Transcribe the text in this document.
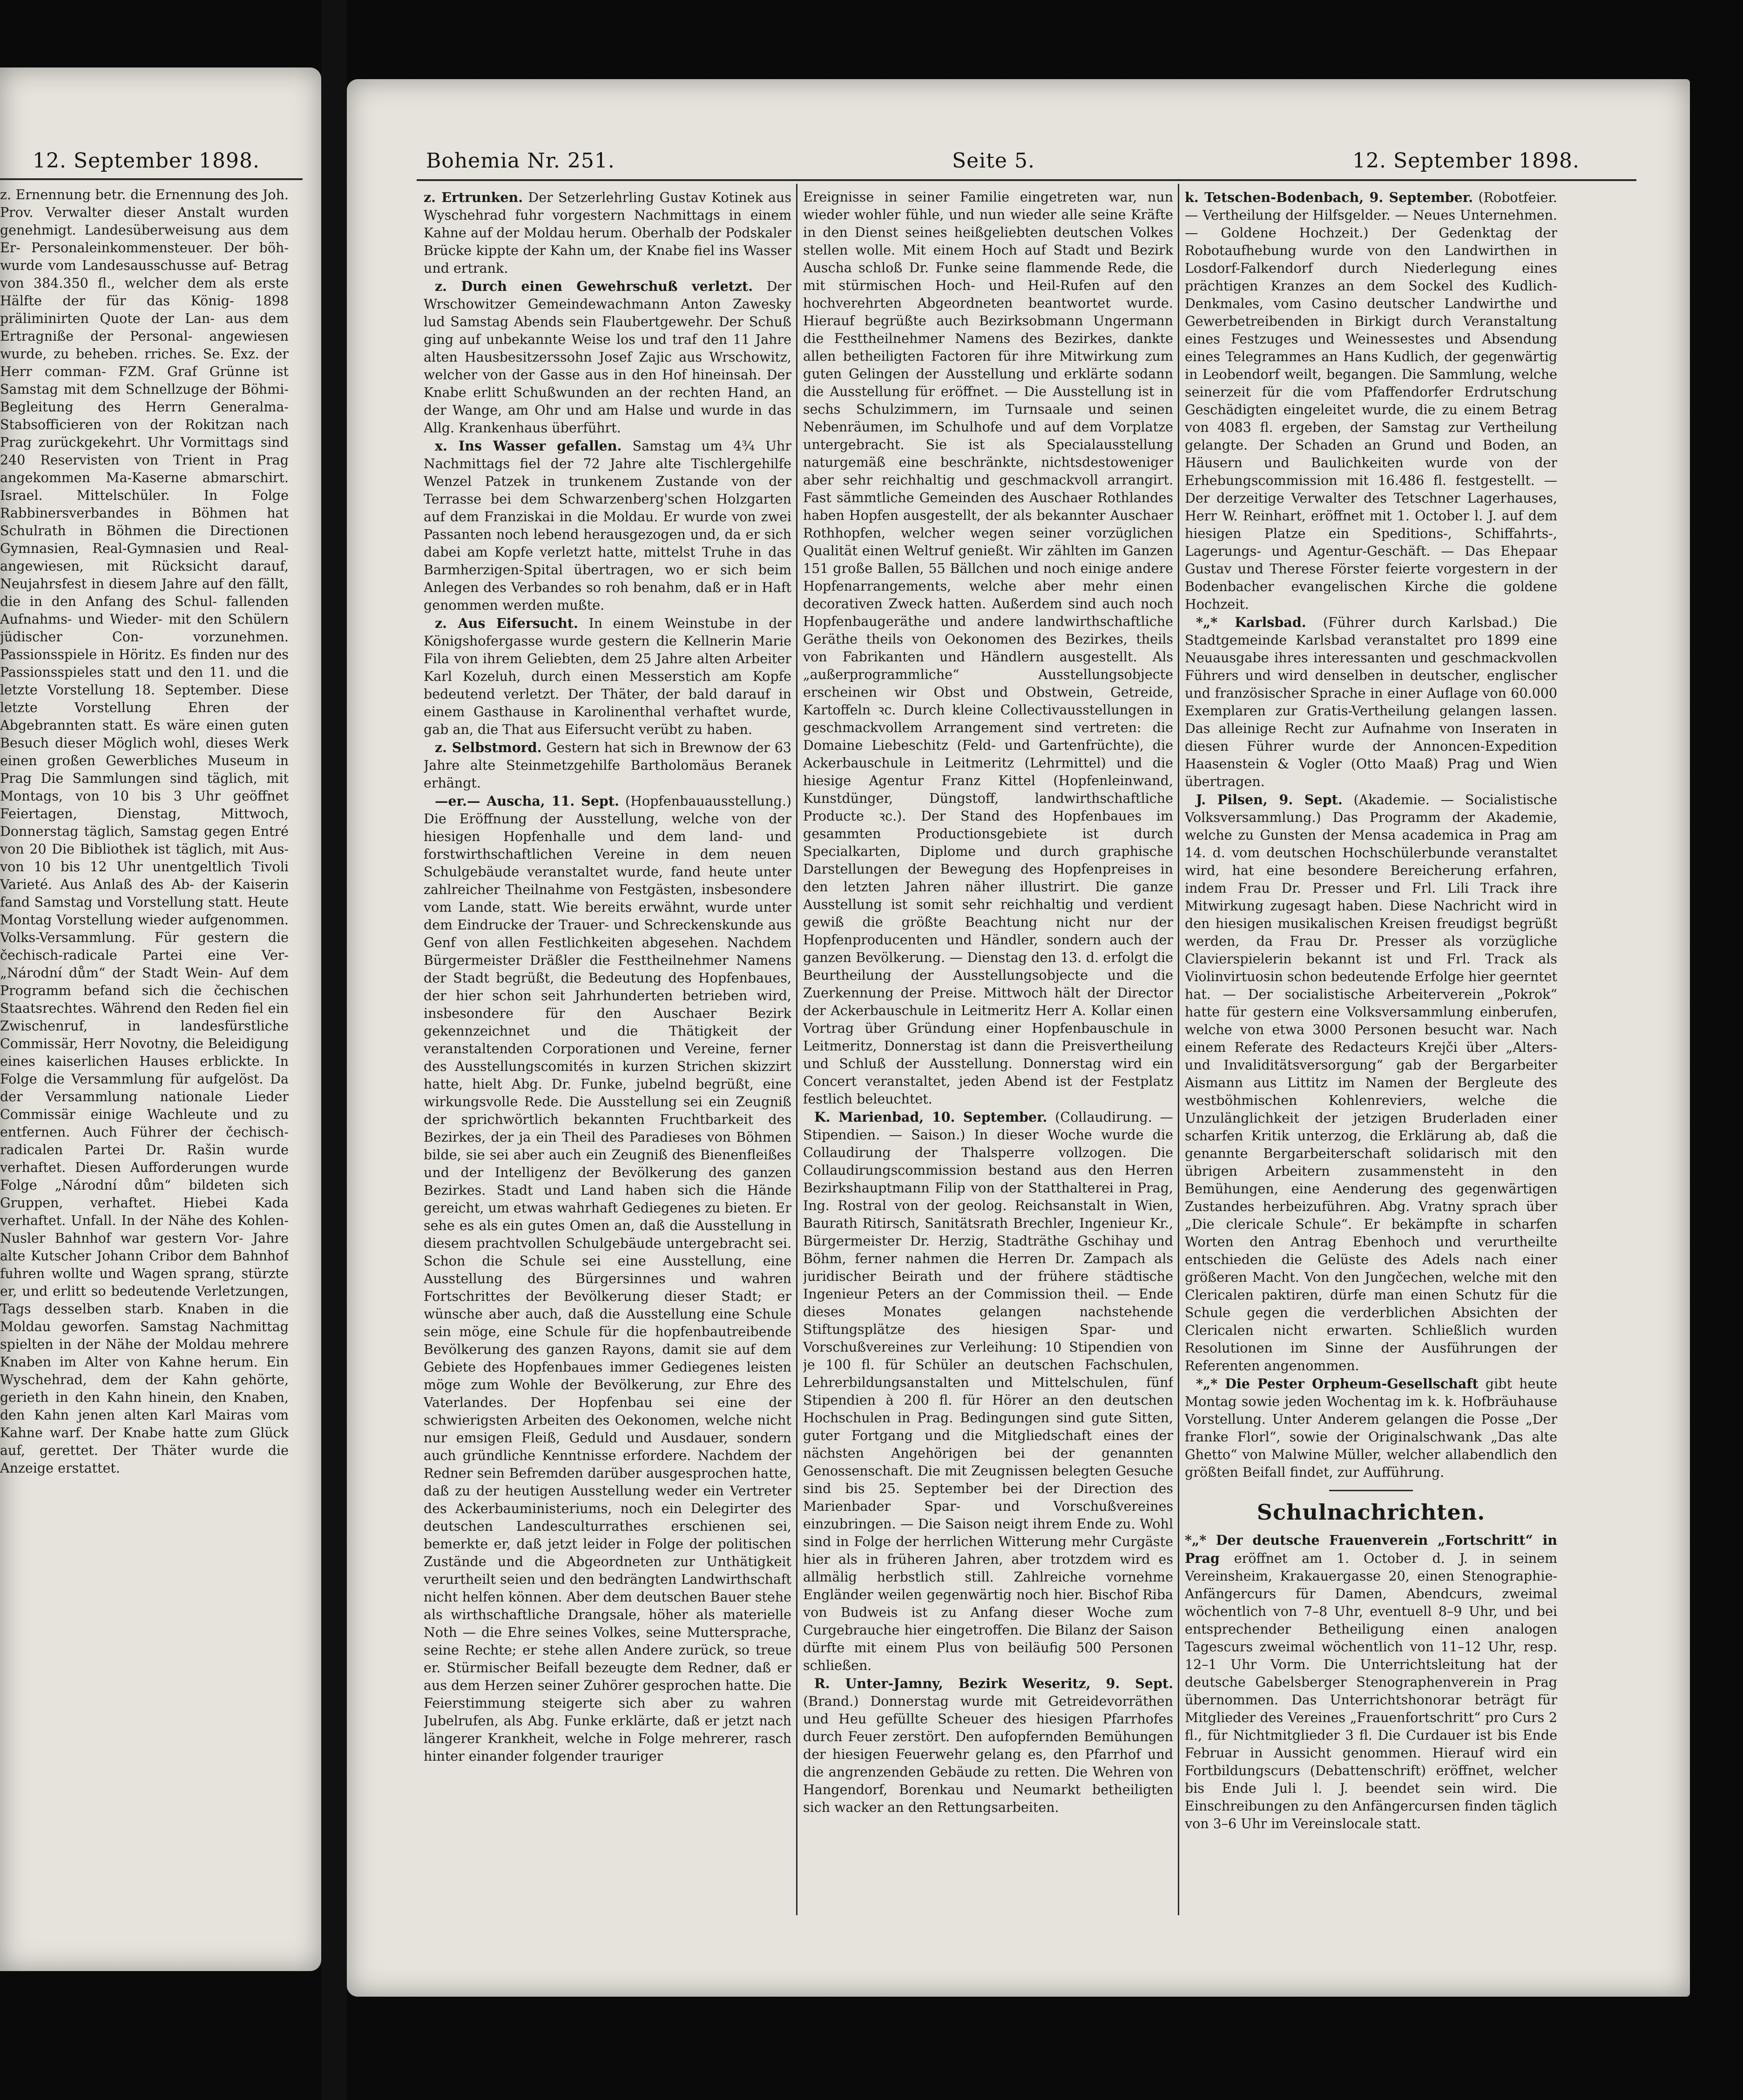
12. September 1898.
z. Ernennung betr. die Ernennung des Joh. Prov. Verwalter dieser Anstalt wurden genehmigt. Landesüberweisung aus dem Er- Personaleinkommensteuer. Der böh- wurde vom Landesausschusse auf- Betrag von 384.350 fl., welcher dem als erste Hälfte der für das König- 1898 präliminirten Quote der Lan- aus dem Ertragniße der Personal- angewiesen wurde, zu beheben. rriches. Se. Exz. der Herr comman- FZM. Graf Grünne ist Samstag mit dem Schnellzuge der Böhmi- Begleitung des Herrn Generalma- Stabsofficieren von der Rokitzan nach Prag zurückgekehrt. Uhr Vormittags sind 240 Reservisten von Trient in Prag angekommen Ma-Kaserne abmarschirt. Israel. Mittelschüler. In Folge Rabbinersverbandes in Böhmen hat Schulrath in Böhmen die Directionen Gymnasien, Real-Gymnasien und Real- angewiesen, mit Rücksicht darauf, Neujahrsfest in diesem Jahre auf den fällt, die in den Anfang des Schul- fallenden Aufnahms- und Wieder- mit den Schülern jüdischer Con- vorzunehmen. Passionsspiele in Höritz. Es finden nur des Passionsspieles statt und den 11. und die letzte Vorstellung 18. September. Diese letzte Vorstellung Ehren der Abgebrannten statt. Es wäre einen guten Besuch dieser Möglich wohl, dieses Werk einen großen Gewerbliches Museum in Prag Die Sammlungen sind täglich, mit Montags, von 10 bis 3 Uhr geöffnet Feiertagen, Dienstag, Mittwoch, Donnerstag täglich, Samstag gegen Entré von 20 Die Bibliothek ist täglich, mit Aus- von 10 bis 12 Uhr unentgeltlich Tivoli Varieté. Aus Anlaß des Ab- der Kaiserin fand Samstag und Vorstellung statt. Heute Montag Vorstellung wieder aufgenommen. Volks-Versammlung. Für gestern die čechisch-radicale Partei eine Ver- „Národní dům“ der Stadt Wein- Auf dem Programm befand sich die čechischen Staatsrechtes. Während den Reden fiel ein Zwischenruf, in landesfürstliche Commissär, Herr Novotny, die Beleidigung eines kaiserlichen Hauses erblickte. In Folge die Versammlung für aufgelöst. Da der Versammlung nationale Lieder Commissär einige Wachleute und zu entfernen. Auch Führer der čechisch-radicalen Partei Dr. Rašin wurde verhaftet. Diesen Aufforderungen wurde Folge „Národní dům“ bildeten sich Gruppen, verhaftet. Hiebei Kada verhaftet. Unfall. In der Nähe des Kohlen- Nusler Bahnhof war gestern Vor- Jahre alte Kutscher Johann Cribor dem Bahnhof fuhren wollte und Wagen sprang, stürzte er, und erlitt so bedeutende Verletzungen, Tags desselben starb. Knaben in die Moldau geworfen. Samstag Nachmittag spielten in der Nähe der Moldau mehrere Knaben im Alter von Kahne herum. Ein Wyschehrad, dem der Kahn gehörte, gerieth in den Kahn hinein, den Knaben, den Kahn jenen alten Karl Mairas vom Kahne warf. Der Knabe hatte zum Glück auf, gerettet. Der Thäter wurde die Anzeige erstattet.
Bohemia Nr. 251.	Seite 5.	12. September 1898.

z. Ertrunken. Der Setzerlehrling Gustav Kotinek aus Wyschehrad fuhr vorgestern Nachmittags in einem Kahne auf der Moldau herum. Oberhalb der Podskaler Brücke kippte der Kahn um, der Knabe fiel ins Wasser und ertrank.

z. Durch einen Gewehrschuß verletzt. Der Wrschowitzer Gemeindewachmann Anton Zawesky lud Samstag Abends sein Flaubertgewehr. Der Schuß ging auf unbekannte Weise los und traf den 11 Jahre alten Hausbesitzerssohn Josef Zajic aus Wrschowitz, welcher von der Gasse aus in den Hof hineinsah. Der Knabe erlitt Schußwunden an der rechten Hand, an der Wange, am Ohr und am Halse und wurde in das Allg. Krankenhaus überführt.

x. Ins Wasser gefallen. Samstag um 4¾ Uhr Nachmittags fiel der 72 Jahre alte Tischlergehilfe Wenzel Patzek in trunkenem Zustande von der Terrasse bei dem Schwarzenberg'schen Holzgarten auf dem Franziskai in die Moldau. Er wurde von zwei Passanten noch lebend herausgezogen und, da er sich dabei am Kopfe verletzt hatte, mittelst Truhe in das Barmherzigen-Spital übertragen, wo er sich beim Anlegen des Verbandes so roh benahm, daß er in Haft genommen werden mußte.

z. Aus Eifersucht. In einem Weinstube in der Königshofergasse wurde gestern die Kellnerin Marie Fila von ihrem Geliebten, dem 25 Jahre alten Arbeiter Karl Kozeluh, durch einen Messerstich am Kopfe bedeutend verletzt. Der Thäter, der bald darauf in einem Gasthause in Karolinenthal verhaftet wurde, gab an, die That aus Eifersucht verübt zu haben.

z. Selbstmord. Gestern hat sich in Brewnow der 63 Jahre alte Steinmetzgehilfe Bartholomäus Beranek erhängt.

—er.— Auscha, 11. Sept. (Hopfenbauausstellung.) Die Eröffnung der Ausstellung, welche von der hiesigen Hopfenhalle und dem land- und forstwirthschaftlichen Vereine in dem neuen Schulgebäude veranstaltet wurde, fand heute unter zahlreicher Theilnahme von Festgästen, insbesondere vom Lande, statt. Wie bereits erwähnt, wurde unter dem Eindrucke der Trauer- und Schreckenskunde aus Genf von allen Festlichkeiten abgesehen. Nachdem Bürgermeister Dräßler die Festtheilnehmer Namens der Stadt begrüßt, die Bedeutung des Hopfenbaues, der hier schon seit Jahrhunderten betrieben wird, insbesondere für den Auschaer Bezirk gekennzeichnet und die Thätigkeit der veranstaltenden Corporationen und Vereine, ferner des Ausstellungscomités in kurzen Strichen skizzirt hatte, hielt Abg. Dr. Funke, jubelnd begrüßt, eine wirkungsvolle Rede. Die Ausstellung sei ein Zeugniß der sprichwörtlich bekannten Fruchtbarkeit des Bezirkes, der ja ein Theil des Paradieses von Böhmen bilde, sie sei aber auch ein Zeugniß des Bienenfleißes und der Intelligenz der Bevölkerung des ganzen Bezirkes. Stadt und Land haben sich die Hände gereicht, um etwas wahrhaft Gediegenes zu bieten. Er sehe es als ein gutes Omen an, daß die Ausstellung in diesem prachtvollen Schulgebäude untergebracht sei. Schon die Schule sei eine Ausstellung, eine Ausstellung des Bürgersinnes und wahren Fortschrittes der Bevölkerung dieser Stadt; er wünsche aber auch, daß die Ausstellung eine Schule sein möge, eine Schule für die hopfenbautreibende Bevölkerung des ganzen Rayons, damit sie auf dem Gebiete des Hopfenbaues immer Gediegenes leisten möge zum Wohle der Bevölkerung, zur Ehre des Vaterlandes. Der Hopfenbau sei eine der schwierigsten Arbeiten des Oekonomen, welche nicht nur emsigen Fleiß, Geduld und Ausdauer, sondern auch gründliche Kenntnisse erfordere. Nachdem der Redner sein Befremden darüber ausgesprochen hatte, daß zu der heutigen Ausstellung weder ein Vertreter des Ackerbauministeriums, noch ein Delegirter des deutschen Landesculturrathes erschienen sei, bemerkte er, daß jetzt leider in Folge der politischen Zustände und die Abgeordneten zur Unthätigkeit verurtheilt seien und den bedrängten Landwirthschaft nicht helfen können. Aber dem deutschen Bauer stehe als wirthschaftliche Drangsale, höher als materielle Noth — die Ehre seines Volkes, seine Muttersprache, seine Rechte; er stehe allen Andere zurück, so treue er. Stürmischer Beifall bezeugte dem Redner, daß er aus dem Herzen seiner Zuhörer gesprochen hatte. Die Feierstimmung steigerte sich aber zu wahren Jubelrufen, als Abg. Funke erklärte, daß er jetzt nach längerer Krankheit, welche in Folge mehrerer, rasch hinter einander folgender trauriger

Ereignisse in seiner Familie eingetreten war, nun wieder wohler fühle, und nun wieder alle seine Kräfte in den Dienst seines heißgeliebten deutschen Volkes stellen wolle. Mit einem Hoch auf Stadt und Bezirk Auscha schloß Dr. Funke seine flammende Rede, die mit stürmischen Hoch- und Heil-Rufen auf den hochverehrten Abgeordneten beantwortet wurde. Hierauf begrüßte auch Bezirksobmann Ungermann die Festtheilnehmer Namens des Bezirkes, dankte allen betheiligten Factoren für ihre Mitwirkung zum guten Gelingen der Ausstellung und erklärte sodann die Ausstellung für eröffnet. — Die Ausstellung ist in sechs Schulzimmern, im Turnsaale und seinen Nebenräumen, im Schulhofe und auf dem Vorplatze untergebracht. Sie ist als Specialausstellung naturgemäß eine beschränkte, nichtsdestoweniger aber sehr reichhaltig und geschmackvoll arrangirt. Fast sämmtliche Gemeinden des Auschaer Rothlandes haben Hopfen ausgestellt, der als bekannter Auschaer Rothhopfen, welcher wegen seiner vorzüglichen Qualität einen Weltruf genießt. Wir zählten im Ganzen 151 große Ballen, 55 Bällchen und noch einige andere Hopfenarrangements, welche aber mehr einen decorativen Zweck hatten. Außerdem sind auch noch Hopfenbaugeräthe und andere landwirthschaftliche Geräthe theils von Oekonomen des Bezirkes, theils von Fabrikanten und Händlern ausgestellt. Als „außerprogrammliche“ Ausstellungsobjecte erscheinen wir Obst und Obstwein, Getreide, Kartoffeln ꝛc. Durch kleine Collectivausstellungen in geschmackvollem Arrangement sind vertreten: die Domaine Liebeschitz (Feld- und Gartenfrüchte), die Ackerbauschule in Leitmeritz (Lehrmittel) und die hiesige Agentur Franz Kittel (Hopfenleinwand, Kunstdünger, Düngstoff, landwirthschaftliche Producte ꝛc.). Der Stand des Hopfenbaues im gesammten Productionsgebiete ist durch Specialkarten, Diplome und durch graphische Darstellungen der Bewegung des Hopfenpreises in den letzten Jahren näher illustrirt. Die ganze Ausstellung ist somit sehr reichhaltig und verdient gewiß die größte Beachtung nicht nur der Hopfenproducenten und Händler, sondern auch der ganzen Bevölkerung. — Dienstag den 13. d. erfolgt die Beurtheilung der Ausstellungsobjecte und die Zuerkennung der Preise. Mittwoch hält der Director der Ackerbauschule in Leitmeritz Herr A. Kollar einen Vortrag über Gründung einer Hopfenbauschule in Leitmeritz, Donnerstag ist dann die Preisvertheilung und Schluß der Ausstellung. Donnerstag wird ein Concert veranstaltet, jeden Abend ist der Festplatz festlich beleuchtet.

K. Marienbad, 10. September. (Collaudirung. — Stipendien. — Saison.) In dieser Woche wurde die Collaudirung der Thalsperre vollzogen. Die Collaudirungscommission bestand aus den Herren Bezirkshauptmann Filip von der Statthalterei in Prag, Ing. Rostral von der geolog. Reichsanstalt in Wien, Baurath Ritirsch, Sanitätsrath Brechler, Ingenieur Kr., Bürgermeister Dr. Herzig, Stadträthe Gschihay und Böhm, ferner nahmen die Herren Dr. Zampach als juridischer Beirath und der frühere städtische Ingenieur Peters an der Commission theil. — Ende dieses Monates gelangen nachstehende Stiftungsplätze des hiesigen Spar- und Vorschußvereines zur Verleihung: 10 Stipendien von je 100 fl. für Schüler an deutschen Fachschulen, Lehrerbildungsanstalten und Mittelschulen, fünf Stipendien à 200 fl. für Hörer an den deutschen Hochschulen in Prag. Bedingungen sind gute Sitten, guter Fortgang und die Mitgliedschaft eines der nächsten Angehörigen bei der genannten Genossenschaft. Die mit Zeugnissen belegten Gesuche sind bis 25. September bei der Direction des Marienbader Spar- und Vorschußvereines einzubringen. — Die Saison neigt ihrem Ende zu. Wohl sind in Folge der herrlichen Witterung mehr Curgäste hier als in früheren Jahren, aber trotzdem wird es allmälig herbstlich still. Zahlreiche vornehme Engländer weilen gegenwärtig noch hier. Bischof Riba von Budweis ist zu Anfang dieser Woche zum Curgebrauche hier eingetroffen. Die Bilanz der Saison dürfte mit einem Plus von beiläufig 500 Personen schließen.

R. Unter-Jamny, Bezirk Weseritz, 9. Sept. (Brand.) Donnerstag wurde mit Getreidevorräthen und Heu gefüllte Scheuer des hiesigen Pfarrhofes durch Feuer zerstört. Den aufopfernden Bemühungen der hiesigen Feuerwehr gelang es, den Pfarrhof und die angrenzenden Gebäude zu retten. Die Wehren von Hangendorf, Borenkau und Neumarkt betheiligten sich wacker an den Rettungsarbeiten.

k. Tetschen-Bodenbach, 9. September. (Robotfeier. — Vertheilung der Hilfsgelder. — Neues Unternehmen. — Goldene Hochzeit.) Der Gedenktag der Robotaufhebung wurde von den Landwirthen in Losdorf-Falkendorf durch Niederlegung eines prächtigen Kranzes an dem Sockel des Kudlich-Denkmales, vom Casino deutscher Landwirthe und Gewerbetreibenden in Birkigt durch Veranstaltung eines Festzuges und Weinessestes und Absendung eines Telegrammes an Hans Kudlich, der gegenwärtig in Leobendorf weilt, begangen. Die Sammlung, welche seinerzeit für die vom Pfaffendorfer Erdrutschung Geschädigten eingeleitet wurde, die zu einem Betrag von 4083 fl. ergeben, der Samstag zur Vertheilung gelangte. Der Schaden an Grund und Boden, an Häusern und Baulichkeiten wurde von der Erhebungscommission mit 16.486 fl. festgestellt. — Der derzeitige Verwalter des Tetschner Lagerhauses, Herr W. Reinhart, eröffnet mit 1. October l. J. auf dem hiesigen Platze ein Speditions-, Schiffahrts-, Lagerungs- und Agentur-Geschäft. — Das Ehepaar Gustav und Therese Förster feierte vorgestern in der Bodenbacher evangelischen Kirche die goldene Hochzeit.

*„* Karlsbad. (Führer durch Karlsbad.) Die Stadtgemeinde Karlsbad veranstaltet pro 1899 eine Neuausgabe ihres interessanten und geschmackvollen Führers und wird denselben in deutscher, englischer und französischer Sprache in einer Auflage von 60.000 Exemplaren zur Gratis-Vertheilung gelangen lassen. Das alleinige Recht zur Aufnahme von Inseraten in diesen Führer wurde der Annoncen-Expedition Haasenstein & Vogler (Otto Maaß) Prag und Wien übertragen.

J. Pilsen, 9. Sept. (Akademie. — Socialistische Volksversammlung.) Das Programm der Akademie, welche zu Gunsten der Mensa academica in Prag am 14. d. vom deutschen Hochschülerbunde veranstaltet wird, hat eine besondere Bereicherung erfahren, indem Frau Dr. Presser und Frl. Lili Track ihre Mitwirkung zugesagt haben. Diese Nachricht wird in den hiesigen musikalischen Kreisen freudigst begrüßt werden, da Frau Dr. Presser als vorzügliche Clavierspielerin bekannt ist und Frl. Track als Violinvirtuosin schon bedeutende Erfolge hier geerntet hat. — Der socialistische Arbeiterverein „Pokrok“ hatte für gestern eine Volksversammlung einberufen, welche von etwa 3000 Personen besucht war. Nach einem Referate des Redacteurs Krejči über „Alters- und Invaliditätsversorgung“ gab der Bergarbeiter Aismann aus Littitz im Namen der Bergleute des westböhmischen Kohlenreviers, welche die Unzulänglichkeit der jetzigen Bruderladen einer scharfen Kritik unterzog, die Erklärung ab, daß die genannte Bergarbeiterschaft solidarisch mit den übrigen Arbeitern zusammensteht in den Bemühungen, eine Aenderung des gegenwärtigen Zustandes herbeizuführen. Abg. Vratny sprach über „Die clericale Schule“. Er bekämpfte in scharfen Worten den Antrag Ebenhoch und verurtheilte entschieden die Gelüste des Adels nach einer größeren Macht. Von den Jungčechen, welche mit den Clericalen paktiren, dürfe man einen Schutz für die Schule gegen die verderblichen Absichten der Clericalen nicht erwarten. Schließlich wurden Resolutionen im Sinne der Ausführungen der Referenten angenommen.

*„* Die Pester Orpheum-Gesellschaft gibt heute Montag sowie jeden Wochentag im k. k. Hofbräuhause Vorstellung. Unter Anderem gelangen die Posse „Der franke Florl“, sowie der Originalschwank „Das alte Ghetto“ von Malwine Müller, welcher allabendlich den größten Beifall findet, zur Aufführung.

Schulnachrichten.

*„* Der deutsche Frauenverein „Fortschritt“ in Prag eröffnet am 1. October d. J. in seinem Vereinsheim, Krakauergasse 20, einen Stenographie-Anfängercurs für Damen, Abendcurs, zweimal wöchentlich von 7–8 Uhr, eventuell 8–9 Uhr, und bei entsprechender Betheiligung einen analogen Tagescurs zweimal wöchentlich von 11–12 Uhr, resp. 12–1 Uhr Vorm. Die Unterrichtsleitung hat der deutsche Gabelsberger Stenographenverein in Prag übernommen. Das Unterrichtshonorar beträgt für Mitglieder des Vereines „Frauenfortschritt“ pro Curs 2 fl., für Nichtmitglieder 3 fl. Die Curdauer ist bis Ende Februar in Aussicht genommen. Hierauf wird ein Fortbildungscurs (Debattenschrift) eröffnet, welcher bis Ende Juli l. J. beendet sein wird. Die Einschreibungen zu den Anfängercursen finden täglich von 3–6 Uhr im Vereinslocale statt.
